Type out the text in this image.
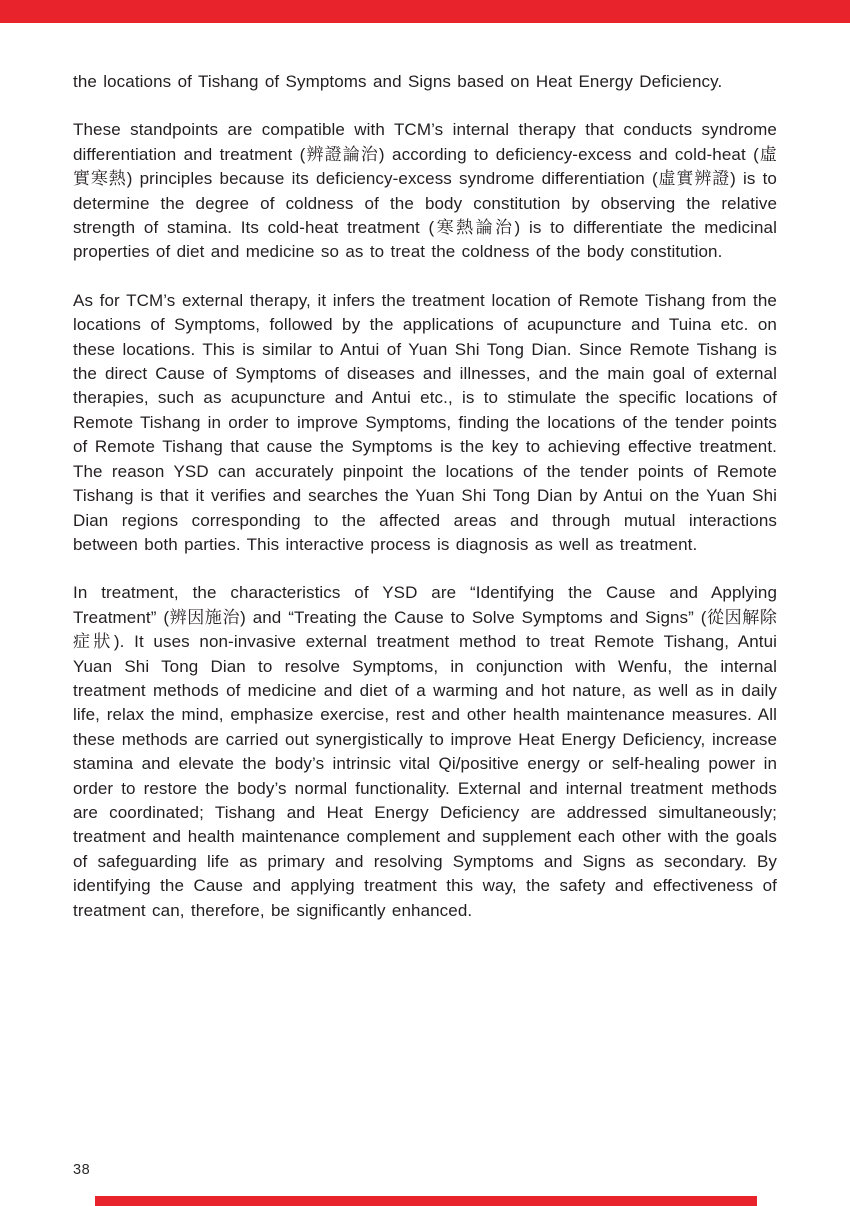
the locations of Tishang of Symptoms and Signs based on Heat Energy Deficiency.

These standpoints are compatible with TCM’s internal therapy that conducts syndrome differentiation and treatment (辨證論治) according to deficiency-excess and cold-heat (虛實寒熱) principles because its deficiency-excess syndrome differentiation (虛實辨證) is to determine the degree of coldness of the body constitution by observing the relative strength of stamina. Its cold-heat treatment (寒熱論治) is to differentiate the medicinal properties of diet and medicine so as to treat the coldness of the body constitution.

As for TCM’s external therapy, it infers the treatment location of Remote Tishang from the locations of Symptoms, followed by the applications of acupuncture and Tuina etc. on these locations. This is similar to Antui of Yuan Shi Tong Dian. Since Remote Tishang is the direct Cause of Symptoms of diseases and illnesses, and the main goal of external therapies, such as acupuncture and Antui etc., is to stimulate the specific locations of Remote Tishang in order to improve Symptoms, finding the locations of the tender points of Remote Tishang that cause the Symptoms is the key to achieving effective treatment. The reason YSD can accurately pinpoint the locations of the tender points of Remote Tishang is that it verifies and searches the Yuan Shi Tong Dian by Antui on the Yuan Shi Dian regions corresponding to the affected areas and through mutual interactions between both parties. This interactive process is diagnosis as well as treatment.

In treatment, the characteristics of YSD are “Identifying the Cause and Applying Treatment” (辨因施治) and “Treating the Cause to Solve Symptoms and Signs” (從因解除症狀). It uses non-invasive external treatment method to treat Remote Tishang, Antui Yuan Shi Tong Dian to resolve Symptoms, in conjunction with Wenfu, the internal treatment methods of medicine and diet of a warming and hot nature, as well as in daily life, relax the mind, emphasize exercise, rest and other health maintenance measures. All these methods are carried out synergistically to improve Heat Energy Deficiency, increase stamina and elevate the body’s intrinsic vital Qi/positive energy or self-healing power in order to restore the body’s normal functionality. External and internal treatment methods are coordinated; Tishang and Heat Energy Deficiency are addressed simultaneously; treatment and health maintenance complement and supplement each other with the goals of safeguarding life as primary and resolving Symptoms and Signs as secondary. By identifying the Cause and applying treatment this way, the safety and effectiveness of treatment can, therefore, be significantly enhanced.

38
